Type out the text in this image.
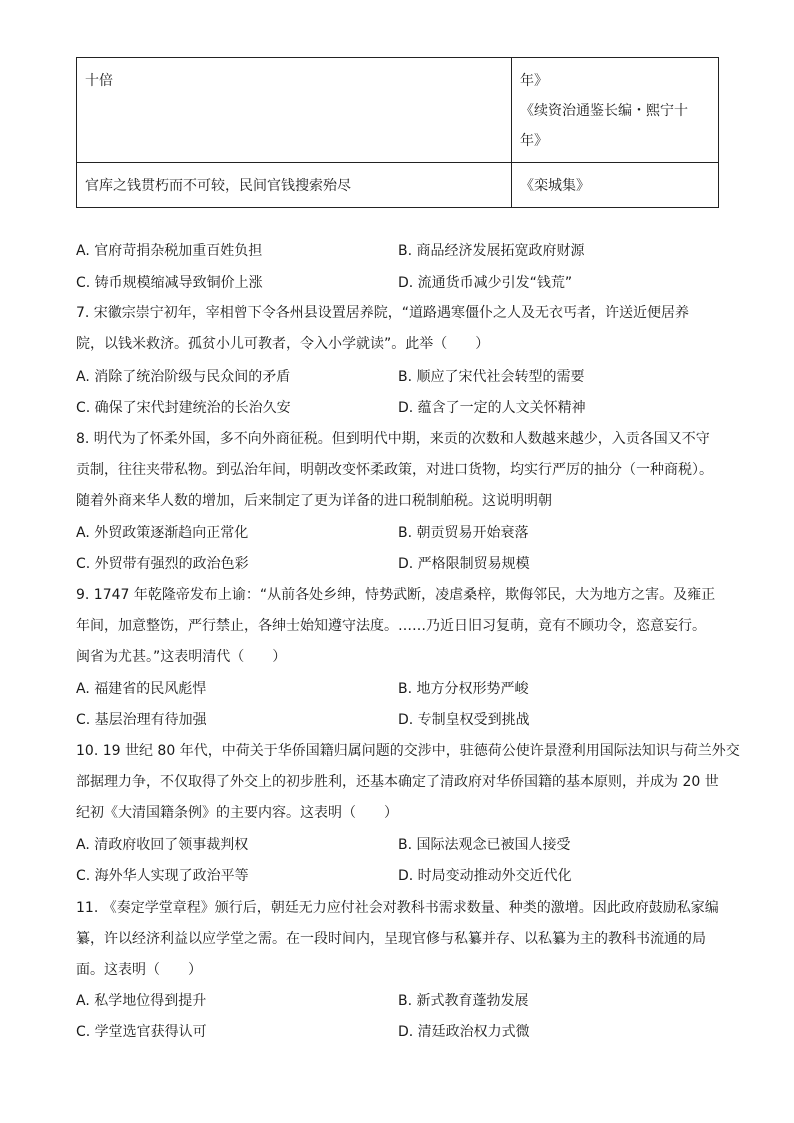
十倍	年》
《续资治通鉴长编・熙宁十
年》

官库之钱贯朽而不可较，民间官钱搜索殆尽	《栾城集》
A. 官府苛捐杂税加重百姓负担	B. 商品经济发展拓宽政府财源
C. 铸币规模缩减导致铜价上涨	D. 流通货币减少引发“钱荒”
7. 宋徽宗崇宁初年，宰相曾下令各州县设置居养院，“道路遇寒僵仆之人及无衣丐者，许送近便居养
院，以钱米救济。孤贫小儿可教者，令入小学就读”。此举（　　）
A. 消除了统治阶级与民众间的矛盾	B. 顺应了宋代社会转型的需要
C. 确保了宋代封建统治的长治久安	D. 蕴含了一定的人文关怀精神
8. 明代为了怀柔外国，多不向外商征税。但到明代中期，来贡的次数和人数越来越少，入贡各国又不守
贡制，往往夹带私物。到弘治年间，明朝改变怀柔政策，对进口货物，均实行严厉的抽分（一种商税）。
随着外商来华人数的增加，后来制定了更为详备的进口税制舶税。这说明明朝
A. 外贸政策逐渐趋向正常化	B. 朝贡贸易开始衰落
C. 外贸带有强烈的政治色彩	D. 严格限制贸易规模
9. 1747 年乾隆帝发布上谕：“从前各处乡绅，恃势武断，凌虐桑梓，欺侮邻民，大为地方之害。及雍正
年间，加意整饬，严行禁止，各绅士始知遵守法度。……乃近日旧习复萌，竟有不顾功令，恣意妄行。
闽省为尤甚。”这表明清代（　　）
A. 福建省的民风彪悍	B. 地方分权形势严峻
C. 基层治理有待加强	D. 专制皇权受到挑战
10. 19 世纪 80 年代，中荷关于华侨国籍归属问题的交涉中，驻德荷公使许景澄利用国际法知识与荷兰外交
部据理力争，不仅取得了外交上的初步胜利，还基本确定了清政府对华侨国籍的基本原则，并成为 20 世
纪初《大清国籍条例》的主要内容。这表明（　　）
A. 清政府收回了领事裁判权	B. 国际法观念已被国人接受
C. 海外华人实现了政治平等	D. 时局变动推动外交近代化
11. 《奏定学堂章程》颁行后，朝廷无力应付社会对教科书需求数量、种类的激增。因此政府鼓励私家编
纂，许以经济利益以应学堂之需。在一段时间内，呈现官修与私纂并存、以私纂为主的教科书流通的局
面。这表明（　　）
A. 私学地位得到提升	B. 新式教育蓬勃发展
C. 学堂选官获得认可	D. 清廷政治权力式微
